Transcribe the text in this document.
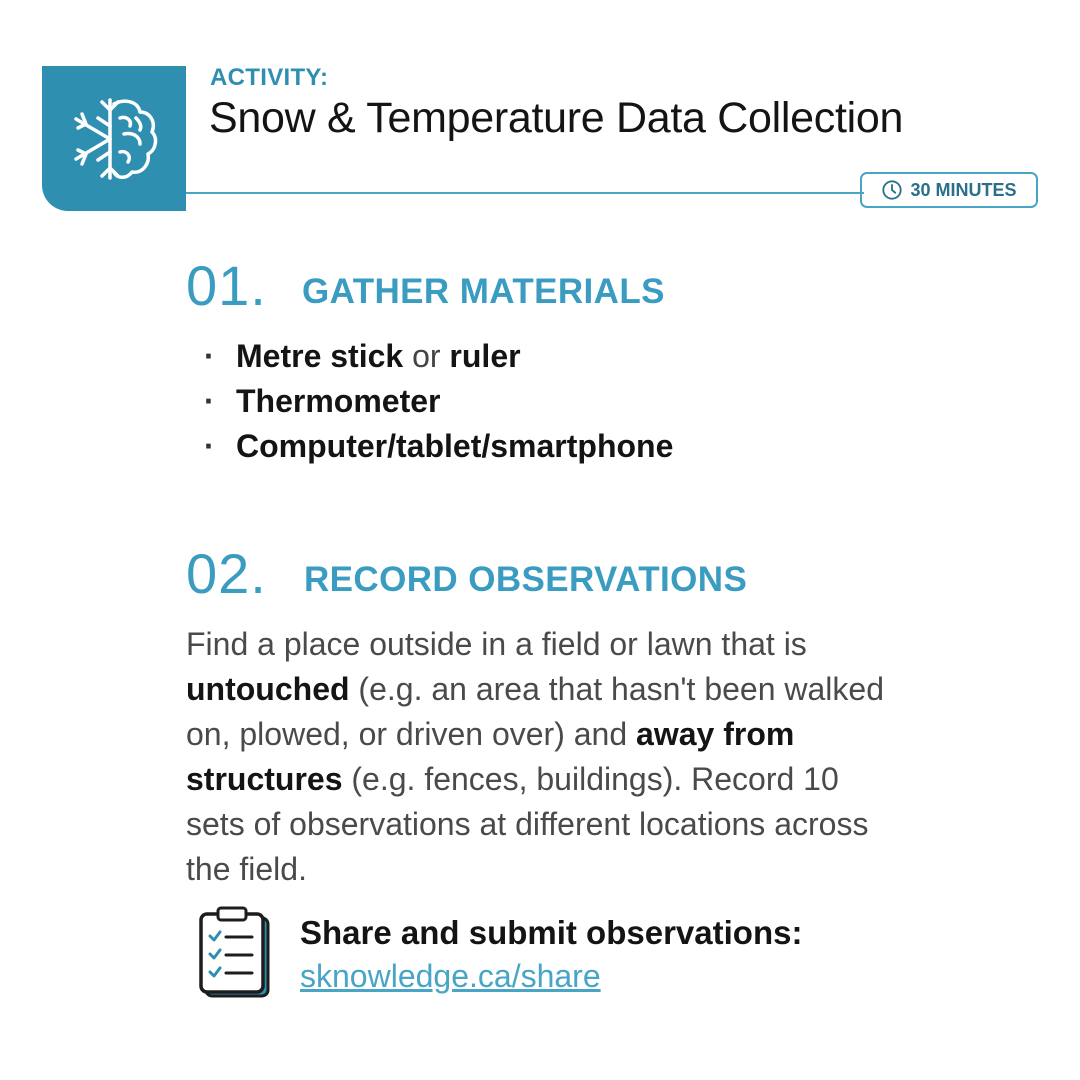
ACTIVITY:
Snow & Temperature Data Collection
30 MINUTES
01. GATHER MATERIALS
· Metre stick or ruler
· Thermometer
· Computer/tablet/smartphone
02. RECORD OBSERVATIONS

Find a place outside in a field or lawn that is untouched (e.g. an area that hasn't been walked on, plowed, or driven over) and away from structures (e.g. fences, buildings). Record 10 sets of observations at different locations across the field.

Share and submit observations:
sknowledge.ca/share
